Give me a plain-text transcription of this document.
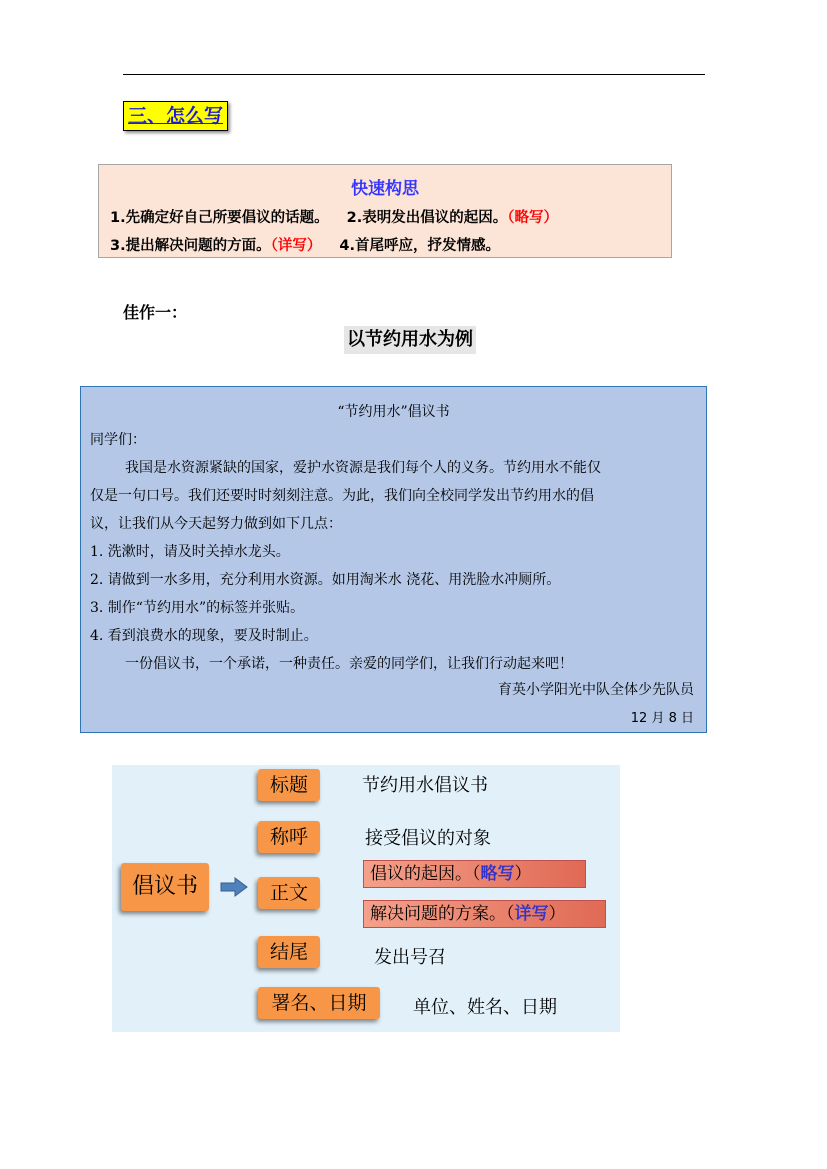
三、怎么写
快速构思
1.先确定好自己所要倡议的话题。 2.表明发出倡议的起因。（略写）
3.提出解决问题的方面。（详写） 4.首尾呼应，抒发情感。
佳作一：
以节约用水为例
“节约用水”倡议书
同学们：
我国是水资源紧缺的国家，爱护水资源是我们每个人的义务。节约用水不能仅
仅是一句口号。我们还要时时刻刻注意。为此，我们向全校同学发出节约用水的倡
议，让我们从今天起努力做到如下几点：
1. 洗漱时，请及时关掉水龙头。
2. 请做到一水多用，充分利用水资源。如用淘米水 浇花、用洗脸水冲厕所。
3. 制作“节约用水”的标签并张贴。
4. 看到浪费水的现象，要及时制止。
一份倡议书，一个承诺，一种责任。亲爱的同学们，让我们行动起来吧！
育英小学阳光中队全体少先队员
12 月 8 日
倡议书
标题	节约用水倡议书
称呼	接受倡议的对象
正文
倡议的起因。（略写）
解决问题的方案。（详写）
结尾	发出号召
署名、日期	单位、姓名、日期
